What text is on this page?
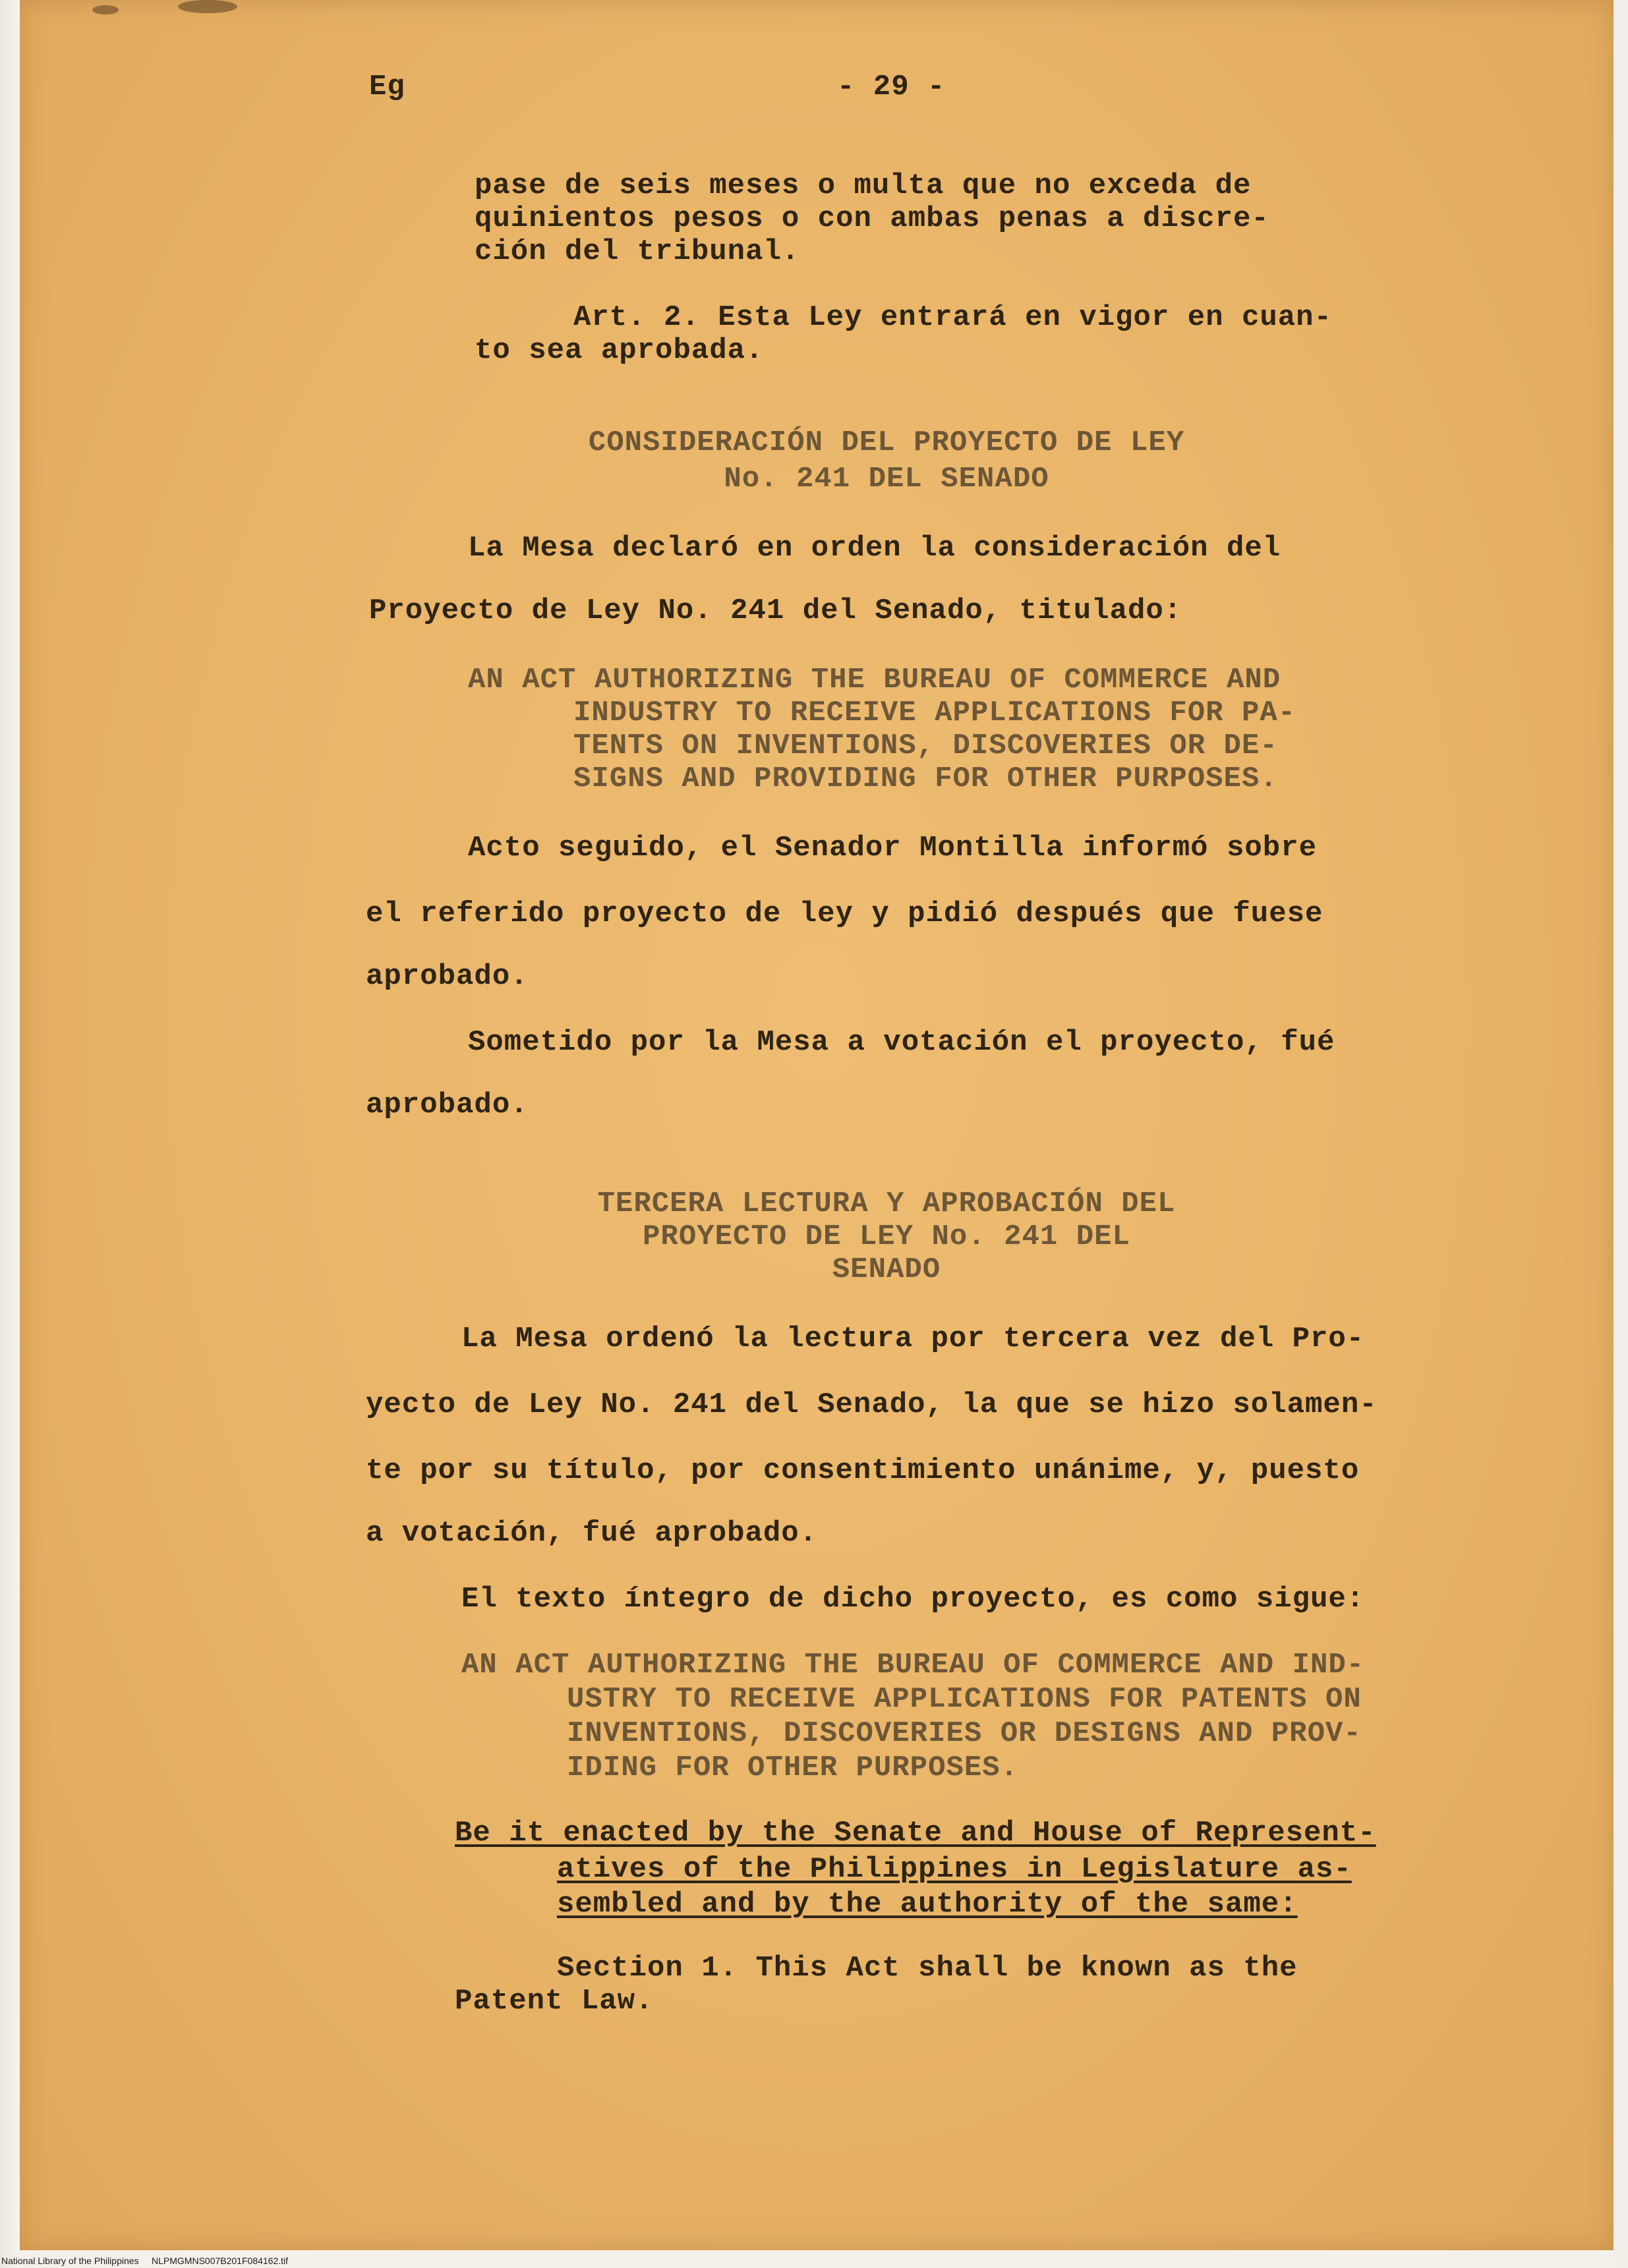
Eg	- 29 -

pase de seis meses o multa que no exceda de

quinientos pesos o con ambas penas a discre-

ción del tribunal.

Art. 2. Esta Ley entrará en vigor en cuan-

to sea aprobada.

CONSIDERACIÓN DEL PROYECTO DE LEY

No. 241 DEL SENADO

La Mesa declaró en orden la consideración del

Proyecto de Ley No. 241 del Senado, titulado:

AN ACT AUTHORIZING THE BUREAU OF COMMERCE AND

INDUSTRY TO RECEIVE APPLICATIONS FOR PA-

TENTS ON INVENTIONS, DISCOVERIES OR DE-

SIGNS AND PROVIDING FOR OTHER PURPOSES.

Acto seguido, el Senador Montilla informó sobre

el referido proyecto de ley y pidió después que fuese

aprobado.

Sometido por la Mesa a votación el proyecto, fué

aprobado.

TERCERA LECTURA Y APROBACIÓN DEL

PROYECTO DE LEY No. 241 DEL

SENADO

La Mesa ordenó la lectura por tercera vez del Pro-

yecto de Ley No. 241 del Senado, la que se hizo solamen-

te por su título, por consentimiento unánime, y, puesto

a votación, fué aprobado.

El texto íntegro de dicho proyecto, es como sigue:

AN ACT AUTHORIZING THE BUREAU OF COMMERCE AND IND-

USTRY TO RECEIVE APPLICATIONS FOR PATENTS ON

INVENTIONS, DISCOVERIES OR DESIGNS AND PROV-

IDING FOR OTHER PURPOSES.

Be it enacted by the Senate and House of Represent-

atives of the Philippines in Legislature as-

sembled and by the authority of the same:

Section 1. This Act shall be known as the

Patent Law.

National Library of the Philippines     NLPMGMNS007B201F084162.tif
